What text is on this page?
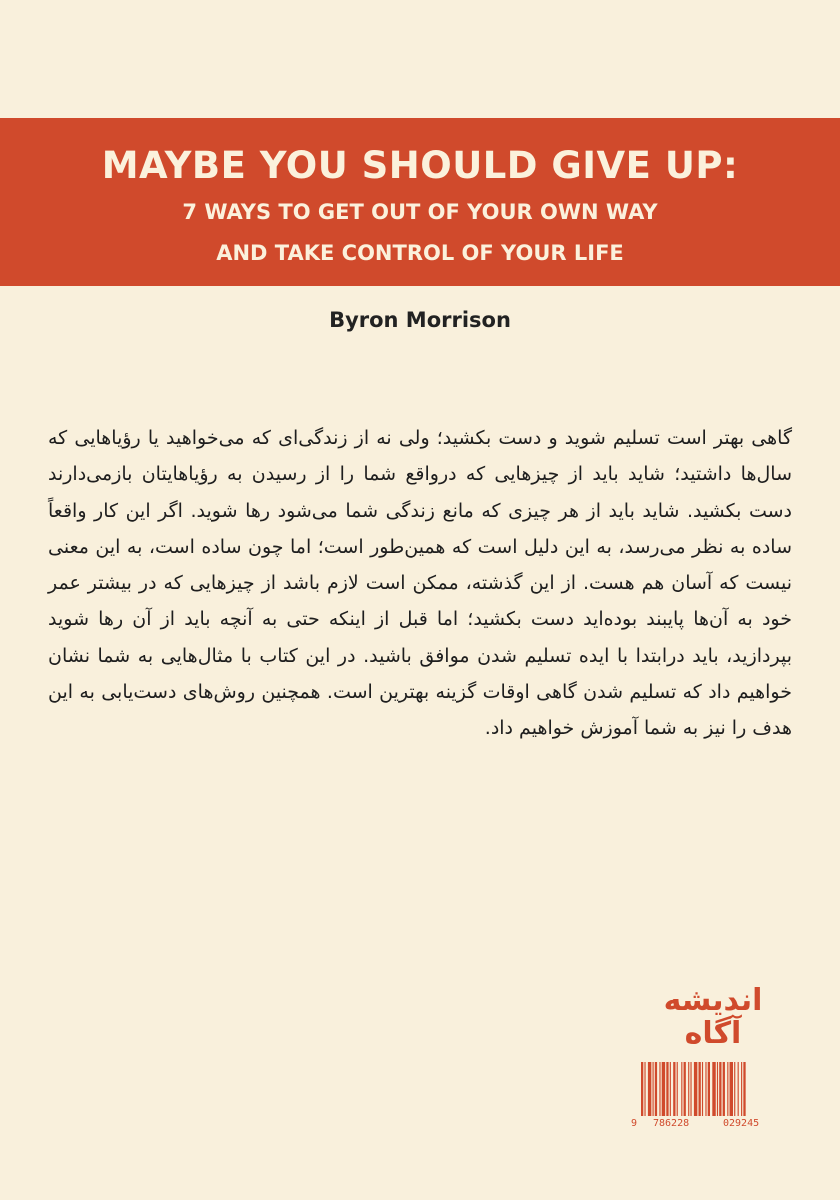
MAYBE YOU SHOULD GIVE UP:
7 WAYS TO GET OUT OF YOUR OWN WAY
AND TAKE CONTROL OF YOUR LIFE
Byron Morrison
گاهی بهتر است تسلیم شوید و دست بکشید؛ ولی نه از زندگی‌ای که می‌خواهید یا رؤیاهایی که سال‌ها داشتید؛ شاید باید از چیزهایی که درواقع شما را از رسیدن به رؤیاهایتان بازمی‌دارند دست بکشید. شاید باید از هر چیزی که مانع زندگی شما می‌شود رها شوید. اگر این کار واقعاً ساده به نظر می‌رسد، به این دلیل است که همین‌طور است؛ اما چون ساده است، به این معنی نیست که آسان هم هست. از این گذشته، ممکن است لازم باشد از چیزهایی که در بیشتر عمر خود به آن‌ها پایبند بوده‌اید دست بکشید؛ اما قبل از اینکه حتی به آنچه باید از آن رها شوید بپردازید، باید درابتدا با ایده تسلیم شدن موافق باشید. در این کتاب با مثال‌هایی به شما نشان خواهیم داد که تسلیم شدن گاهی اوقات گزینه بهترین است. همچنین روش‌های دست‌یابی به این هدف را نیز به شما آموزش خواهیم داد.
اندیشه
آگاه
9 786228	029245
